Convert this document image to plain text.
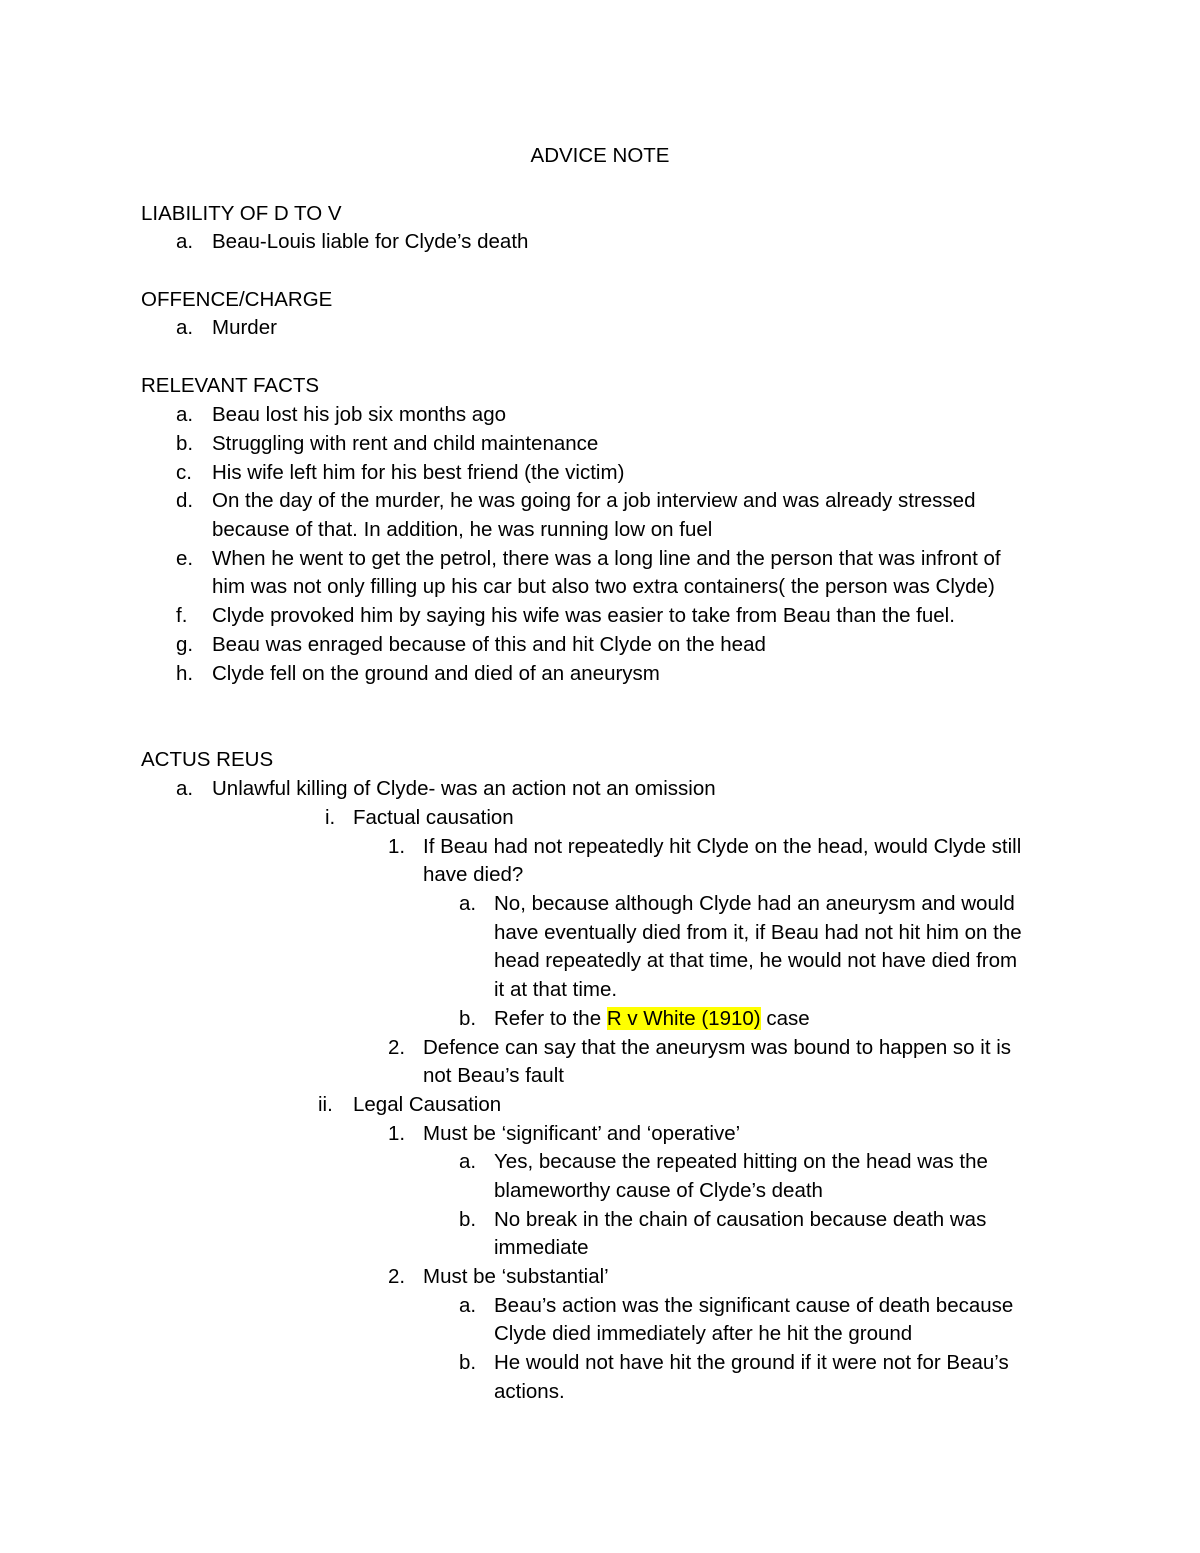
ADVICE NOTE
LIABILITY OF D TO V
a. Beau-Louis liable for Clyde’s death
OFFENCE/CHARGE
a. Murder
RELEVANT FACTS
a. Beau lost his job six months ago
b. Struggling with rent and child maintenance
c. His wife left him for his best friend (the victim)
d. On the day of the murder, he was going for a job interview and was already stressed
because of that. In addition, he was running low on fuel
e. When he went to get the petrol, there was a long line and the person that was infront of
him was not only filling up his car but also two extra containers( the person was Clyde)
f. Clyde provoked him by saying his wife was easier to take from Beau than the fuel.
g. Beau was enraged because of this and hit Clyde on the head
h. Clyde fell on the ground and died of an aneurysm
ACTUS REUS
a. Unlawful killing of Clyde- was an action not an omission
i. Factual causation
1. If Beau had not repeatedly hit Clyde on the head, would Clyde still
have died?
a. No, because although Clyde had an aneurysm and would
have eventually died from it, if Beau had not hit him on the
head repeatedly at that time, he would not have died from
it at that time.
b. Refer to the R v White (1910) case
2. Defence can say that the aneurysm was bound to happen so it is
not Beau’s fault
ii. Legal Causation
1. Must be ‘significant’ and ‘operative’
a. Yes, because the repeated hitting on the head was the
blameworthy cause of Clyde’s death
b. No break in the chain of causation because death was
immediate
2. Must be ‘substantial’
a. Beau’s action was the significant cause of death because
Clyde died immediately after he hit the ground
b. He would not have hit the ground if it were not for Beau’s
actions.
